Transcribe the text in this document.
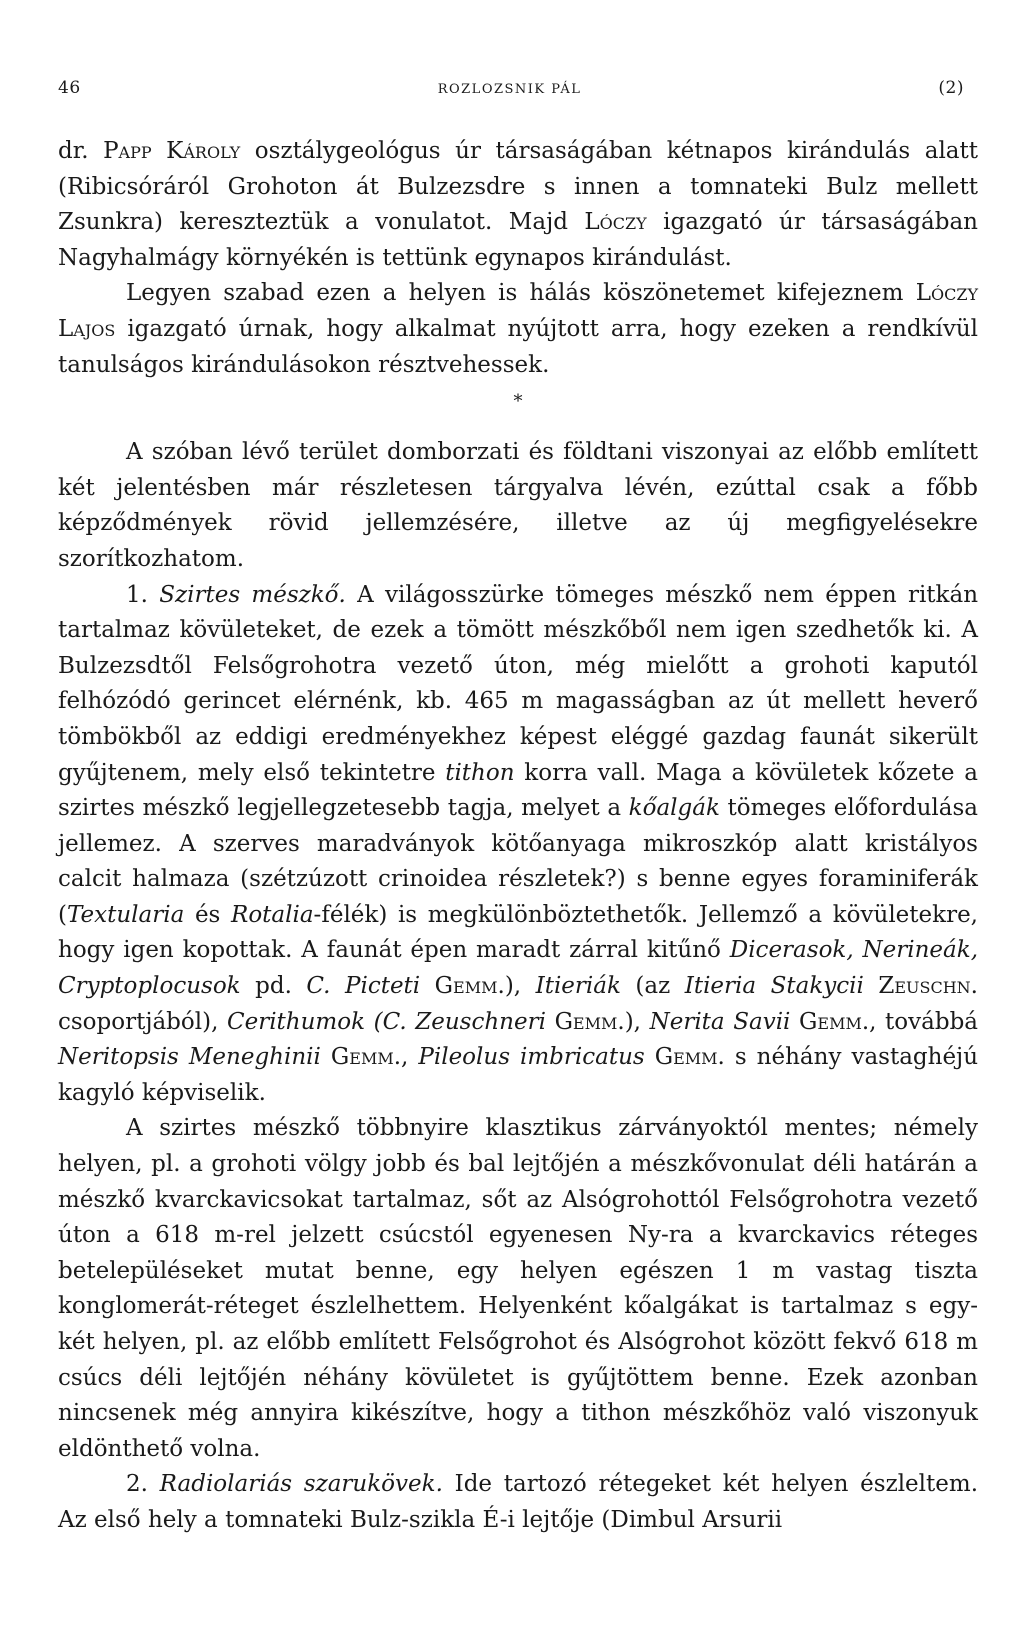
46	ROZLOZSNIK PÁL	(2)

dr. Papp Károly osztálygeológus úr társaságában kétnapos kirándulás alatt (Ribicsóráról Grohoton át Bulzezsdre s innen a tomnateki Bulz mellett Zsunkra) kereszteztük a vonulatot. Majd Lóczy igazgató úr társaságában Nagyhalmágy környékén is tettünk egynapos kirándulást.

Legyen szabad ezen a helyen is hálás köszönetemet kifejeznem Lóczy Lajos igazgató úrnak, hogy alkalmat nyújtott arra, hogy ezeken a rendkívül tanulságos kirándulásokon résztvehessek.

*

A szóban lévő terület domborzati és földtani viszonyai az előbb említett két jelentésben már részletesen tárgyalva lévén, ezúttal csak a főbb képződmények rövid jellemzésére, illetve az új megfigyelésekre szorítkozhatom.

1. Szirtes mészkő. A világosszürke tömeges mészkő nem éppen ritkán tartalmaz kövületeket, de ezek a tömött mészkőből nem igen szedhetők ki. A Bulzezsdtől Felsőgrohotra vezető úton, még mielőtt a grohoti kaputól felhózódó gerincet elérnénk, kb. 465 m magasságban az út mellett heverő tömbökből az eddigi eredményekhez képest eléggé gazdag faunát sikerült gyűjtenem, mely első tekintetre tithon korra vall. Maga a kövületek kőzete a szirtes mészkő legjellegzetesebb tagja, melyet a kőalgák tömeges előfordulása jellemez. A szerves maradványok kötőanyaga mikroszkóp alatt kristályos calcit halmaza (szétzúzott crinoidea részletek?) s benne egyes foraminiferák (Textularia és Rotalia-félék) is megkülönböztethetők. Jellemző a kövületekre, hogy igen kopottak. A faunát épen maradt zárral kitűnő Dicerasok, Nerineák, Cryptoplocusok pd. C. Picteti Gemm.), Itieriák (az Itieria Stakycii Zeuschn. csoportjából), Cerithumok (C. Zeuschneri Gemm.), Nerita Savii Gemm., továbbá Neritopsis Meneghinii Gemm., Pileolus imbricatus Gemm. s néhány vastaghéjú kagyló képviselik.

A szirtes mészkő többnyire klasztikus zárványoktól mentes; némely helyen, pl. a grohoti völgy jobb és bal lejtőjén a mészkővonulat déli határán a mészkő kvarckavicsokat tartalmaz, sőt az Alsógrohottól Felsőgrohotra vezető úton a 618 m-rel jelzett csúcstól egyenesen Ny-ra a kvarckavics réteges betelepüléseket mutat benne, egy helyen egészen 1 m vastag tiszta konglomerát-réteget észlelhettem. Helyenként kőalgákat is tartalmaz s egy-két helyen, pl. az előbb említett Felsőgrohot és Alsógrohot között fekvő 618 m csúcs déli lejtőjén néhány kövületet is gyűjtöttem benne. Ezek azonban nincsenek még annyira kikészítve, hogy a tithon mészkőhöz való viszonyuk eldönthető volna.

2. Radiolariás szarukövek. Ide tartozó rétegeket két helyen észleltem. Az első hely a tomnateki Bulz-szikla É-i lejtője (Dimbul Arsurii
